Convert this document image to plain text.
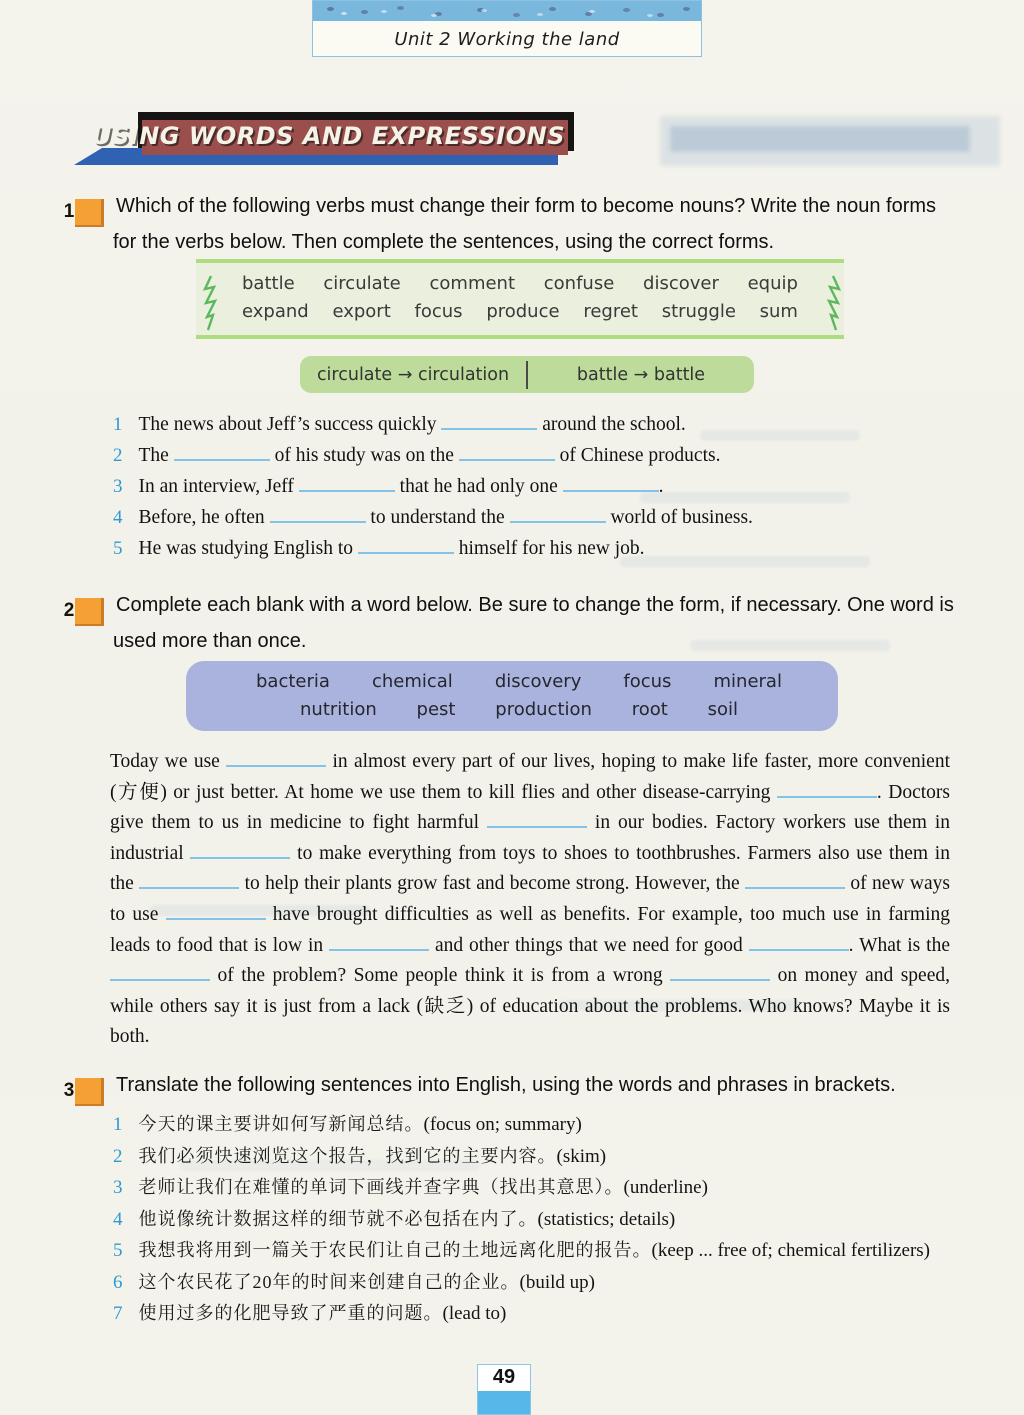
Unit 2 Working the land
USING WORDS AND EXPRESSIONS
1 Which of the following verbs must change their form to become nouns? Write the noun forms for the verbs below. Then complete the sentences, using the correct forms.
battle circulate comment confuse discover equip
expand export focus produce regret struggle sum
circulate → circulation	battle → battle
1 The news about Jeff’s success quickly	around the school.
2 The	of his study was on the	of Chinese products.
3 In an interview, Jeff	that he had only one	.
4 Before, he often	to understand the	world of business.
5 He was studying English to	himself for his new job.
2 Complete each blank with a word below. Be sure to change the form, if necessary. One word is used more than once.
bacteria chemical discovery focus mineral
nutrition pest production root soil
Today we use	in almost every part of our lives, hoping to make life faster, more convenient (方便) or just better. At home we use them to kill flies and other disease-carrying	. Doctors give them to us in medicine to fight harmful	in our bodies. Factory workers use them in industrial	to make everything from toys to shoes to toothbrushes. Farmers also use them in the	to help their plants grow fast and become strong. However, the	of new ways to use	have brought difficulties as well as benefits. For example, too much use in farming leads to food that is low in	and other things that we need for good	. What is the  of the problem? Some people think it is from a wrong	on money and speed, while others say it is just from a lack (缺乏) of education about the problems. Who knows? Maybe it is both.
3 Translate the following sentences into English, using the words and phrases in brackets.
1 今天的课主要讲如何写新闻总结。(focus on; summary)
2 我们必须快速浏览这个报告，找到它的主要内容。(skim)
3 老师让我们在难懂的单词下画线并查字典（找出其意思）。(underline)
4 他说像统计数据这样的细节就不必包括在内了。(statistics; details)
5 我想我将用到一篇关于农民们让自己的土地远离化肥的报告。(keep ... free of; chemical fertilizers)
6 这个农民花了20年的时间来创建自己的企业。(build up)
7 使用过多的化肥导致了严重的问题。(lead to)
49
